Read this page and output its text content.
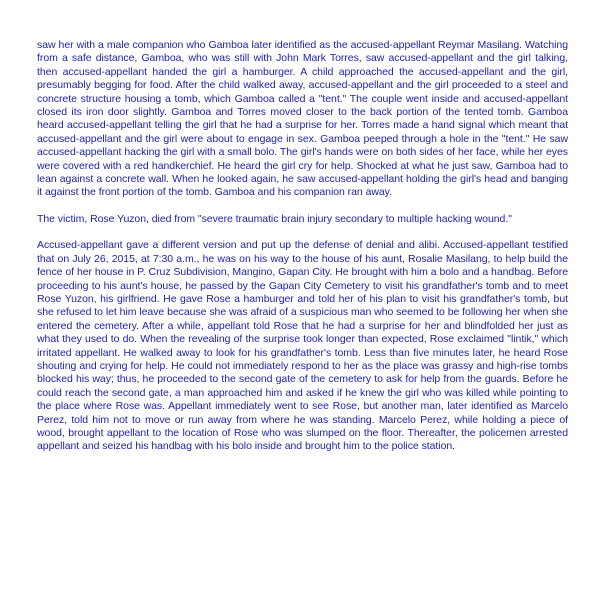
saw her with a male companion who Gamboa later identified as the accused-appellant Reymar Masilang. Watching from a safe distance, Gamboa, who was still with John Mark Torres, saw accused-appellant and the girl talking, then accused-appellant handed the girl a hamburger. A child approached the accused-appellant and the girl, presumably begging for food. After the child walked away, accused-appellant and the girl proceeded to a steel and concrete structure housing a tomb, which Gamboa called a "tent." The couple went inside and accused-appellant closed its iron door slightly. Gamboa and Torres moved closer to the back portion of the tented tomb. Gamboa heard accused-appellant telling the girl that he had a surprise for her. Torres made a hand signal which meant that accused-appellant and the girl were about to engage in sex. Gamboa peeped through a hole in the "tent." He saw accused-appellant hacking the girl with a small bolo. The girl's hands were on both sides of her face, while her eyes were covered with a red handkerchief. He heard the girl cry for help. Shocked at what he just saw, Gamboa had to lean against a concrete wall. When he looked again, he saw accused-appellant holding the girl's head and banging it against the front portion of the tomb. Gamboa and his companion ran away.

The victim, Rose Yuzon, died from "severe traumatic brain injury secondary to multiple hacking wound."

Accused-appellant gave a different version and put up the defense of denial and alibi. Accused-appellant testified that on July 26, 2015, at 7:30 a.m., he was on his way to the house of his aunt, Rosalie Masilang, to help build the fence of her house in P. Cruz Subdivision, Mangino, Gapan City. He brought with him a bolo and a handbag. Before proceeding to his aunt's house, he passed by the Gapan City Cemetery to visit his grandfather's tomb and to meet Rose Yuzon, his girlfriend. He gave Rose a hamburger and told her of his plan to visit his grandfather's tomb, but she refused to let him leave because she was afraid of a suspicious man who seemed to be following her when she entered the cemetery. After a while, appellant told Rose that he had a surprise for her and blindfolded her just as what they used to do. When the revealing of the surprise took longer than expected, Rose exclaimed "lintik," which irritated appellant. He walked away to look for his grandfather's tomb. Less than five minutes later, he heard Rose shouting and crying for help. He could not immediately respond to her as the place was grassy and high-rise tombs blocked his way; thus, he proceeded to the second gate of the cemetery to ask for help from the guards. Before he could reach the second gate, a man approached him and asked if he knew the girl who was killed while pointing to the place where Rose was. Appellant immediately went to see Rose, but another man, later identified as Marcelo Perez, told him not to move or run away from where he was standing. Marcelo Perez, while holding a piece of wood, brought appellant to the location of Rose who was slumped on the floor. Thereafter, the policemen arrested appellant and seized his handbag with his bolo inside and brought him to the police station.
